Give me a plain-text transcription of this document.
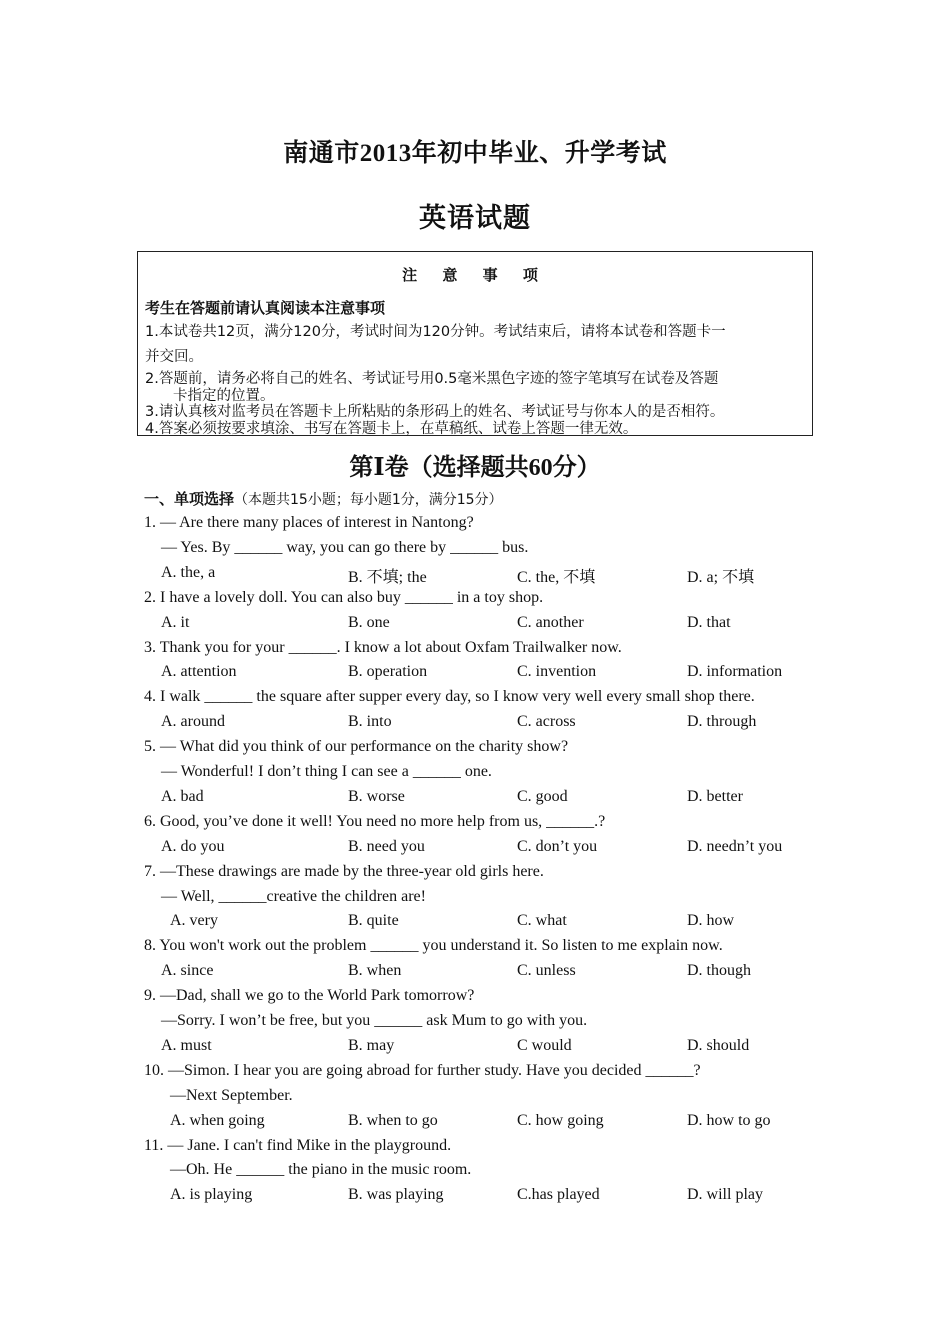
南通市2013年初中毕业、升学考试
英语试题
注 意 事 项
考生在答题前请认真阅读本注意事项
1.本试卷共12页，满分120分，考试时间为120分钟。考试结束后，请将本试卷和答题卡一
并交回。
2.答题前，请务必将自己的姓名、考试证号用0.5毫米黑色字迹的签字笔填写在试卷及答题
卡指定的位置。
3.请认真核对监考员在答题卡上所粘贴的条形码上的姓名、考试证号与你本人的是否相符。
4.答案必须按要求填涂、书写在答题卡上，在草稿纸、试卷上答题一律无效。
第Ⅰ卷（选择题共60分）
一、单项选择（本题共15小题；每小题1分，满分15分）
1. — Are there many places of interest in Nantong?
— Yes. By ______ way, you can go there by ______ bus.
A. the, a	B. 不填; the	C. the, 不填	D. a; 不填
2. I have a lovely doll. You can also buy ______ in a toy shop.
A. it	B. one	C. another	D. that
3. Thank you for your ______. I know a lot about Oxfam Trailwalker now.
A. attention	B. operation	C. invention	D. information
4. I walk ______ the square after supper every day, so I know very well every small shop there.
A. around	B. into	C. across	D. through
5. — What did you think of our performance on the charity show?
— Wonderful! I don’t thing I can see a ______ one.
A. bad	B. worse	C. good	D. better
6. Good, you’ve done it well! You need no more help from us, ______.?
A. do you	B. need you	C. don’t you	D. needn’t you
7. —These drawings are made by the three-year old girls here.
— Well, ______creative the children are!
A. very	B. quite	C. what	D. how
8. You won't work out the problem ______ you understand it. So listen to me explain now.
A. since	B. when	C. unless	D. though
9. —Dad, shall we go to the World Park tomorrow?
—Sorry. I won’t be free, but you ______ ask Mum to go with you.
A. must	B. may	C would	D. should
10. —Simon. I hear you are going abroad for further study. Have you decided ______?
—Next September.
A. when going	B. when to go	C. how going	D. how to go
11. — Jane. I can't find Mike in the playground.
—Oh. He ______ the piano in the music room.
A. is playing	B. was playing	C.has played	D. will play
